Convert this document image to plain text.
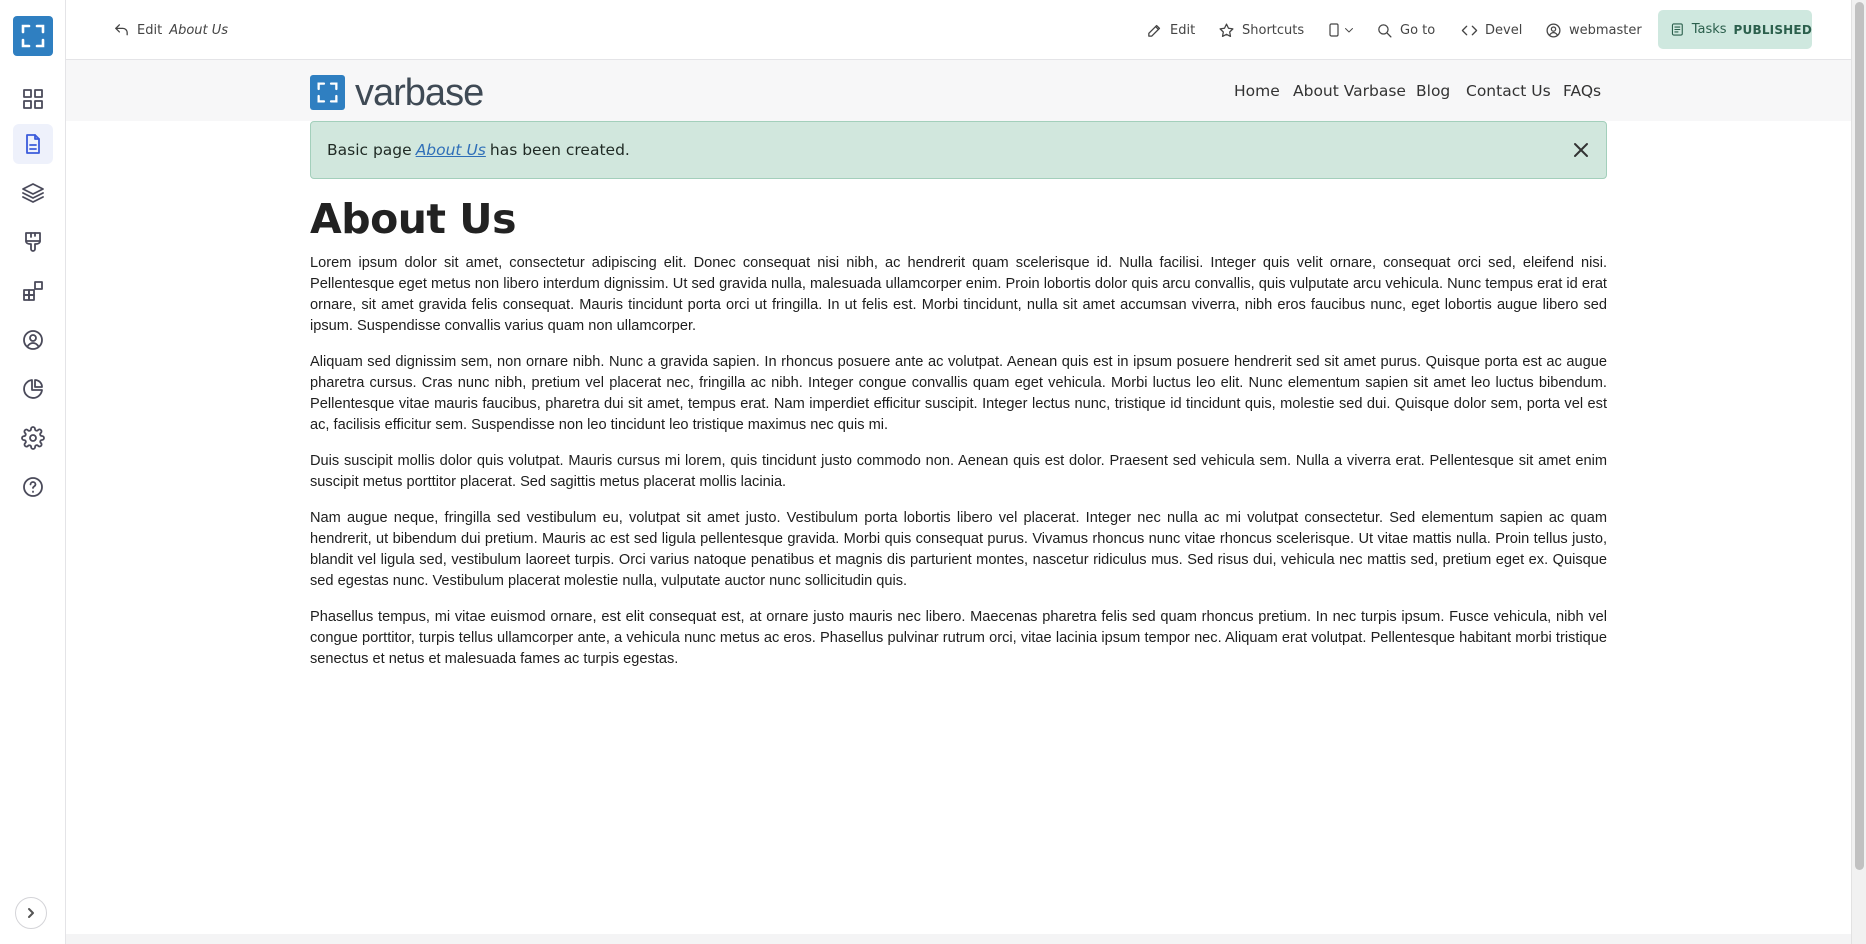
Edit About Us	Edit	Shortcuts	Go to	Devel	webmaster	Tasks PUBLISHED
varbase	Home About Varbase Blog Contact Us FAQs
Basic page About Us has been created.
About Us

Lorem ipsum dolor sit amet, consectetur adipiscing elit. Donec consequat nisi nibh, ac hendrerit quam scelerisque id. Nulla facilisi. Integer quis velit ornare, consequat orci sed, eleifend nisi. Pellentesque eget metus non libero interdum dignissim. Ut sed gravida nulla, malesuada ullamcorper enim. Proin lobortis dolor quis arcu convallis, quis vulputate arcu vehicula. Nunc tempus erat id erat ornare, sit amet gravida felis consequat. Mauris tincidunt porta orci ut fringilla. In ut felis est. Morbi tincidunt, nulla sit amet accumsan viverra, nibh eros faucibus nunc, eget lobortis augue libero sed ipsum. Suspendisse convallis varius quam non ullamcorper.

Aliquam sed dignissim sem, non ornare nibh. Nunc a gravida sapien. In rhoncus posuere ante ac volutpat. Aenean quis est in ipsum posuere hendrerit sed sit amet purus. Quisque porta est ac augue pharetra cursus. Cras nunc nibh, pretium vel placerat nec, fringilla ac nibh. Integer congue convallis quam eget vehicula. Morbi luctus leo elit. Nunc elementum sapien sit amet leo luctus bibendum. Pellentesque vitae mauris faucibus, pharetra dui sit amet, tempus erat. Nam imperdiet efficitur suscipit. Integer lectus nunc, tristique id tincidunt quis, molestie sed dui. Quisque dolor sem, porta vel est ac, facilisis efficitur sem. Suspendisse non leo tincidunt leo tristique maximus nec quis mi.

Duis suscipit mollis dolor quis volutpat. Mauris cursus mi lorem, quis tincidunt justo commodo non. Aenean quis est dolor. Praesent sed vehicula sem. Nulla a viverra erat. Pellentesque sit amet enim suscipit metus porttitor placerat. Sed sagittis metus placerat mollis lacinia.

Nam augue neque, fringilla sed vestibulum eu, volutpat sit amet justo. Vestibulum porta lobortis libero vel placerat. Integer nec nulla ac mi volutpat consectetur. Sed elementum sapien ac quam hendrerit, ut bibendum dui pretium. Mauris ac est sed ligula pellentesque gravida. Morbi quis consequat purus. Vivamus rhoncus nunc vitae rhoncus scelerisque. Ut vitae mattis nulla. Proin tellus justo, blandit vel ligula sed, vestibulum laoreet turpis. Orci varius natoque penatibus et magnis dis parturient montes, nascetur ridiculus mus. Sed risus dui, vehicula nec mattis sed, pretium eget ex. Quisque sed egestas nunc. Vestibulum placerat molestie nulla, vulputate auctor nunc sollicitudin quis.

Phasellus tempus, mi vitae euismod ornare, est elit consequat est, at ornare justo mauris nec libero. Maecenas pharetra felis sed quam rhoncus pretium. In nec turpis ipsum. Fusce vehicula, nibh vel congue porttitor, turpis tellus ullamcorper ante, a vehicula nunc metus ac eros. Phasellus pulvinar rutrum orci, vitae lacinia ipsum tempor nec. Aliquam erat volutpat. Pellentesque habitant morbi tristique senectus et netus et malesuada fames ac turpis egestas.
